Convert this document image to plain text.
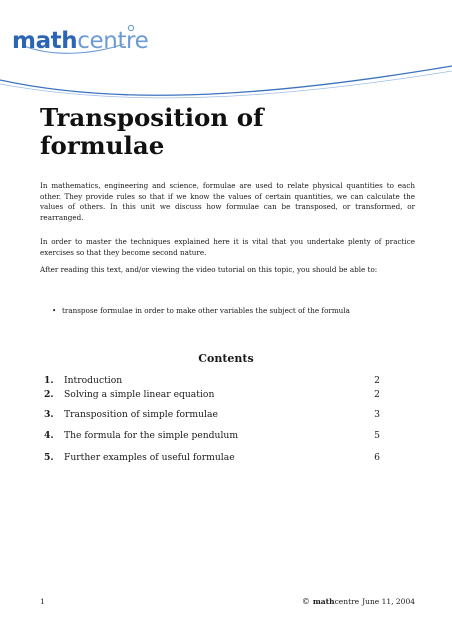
mathcentre
Transposition of
formulae

In mathematics, engineering and science, formulae are used to relate physical quantities to each other. They provide rules so that if we know the values of certain quantities, we can calculate the values of others. In this unit we discuss how formulae can be transposed, or transformed, or rearranged.

In order to master the techniques explained here it is vital that you undertake plenty of practice exercises so that they become second nature.

After reading this text, and/or viewing the video tutorial on this topic, you should be able to:

• transpose formulae in order to make other variables the subject of the formula
Contents
1.	Introduction	2
2.	Solving a simple linear equation	2
3.	Transposition of simple formulae	3
4.	The formula for the simple pendulum	5
5.	Further examples of useful formulae	6
1	© mathcentre June 11, 2004
